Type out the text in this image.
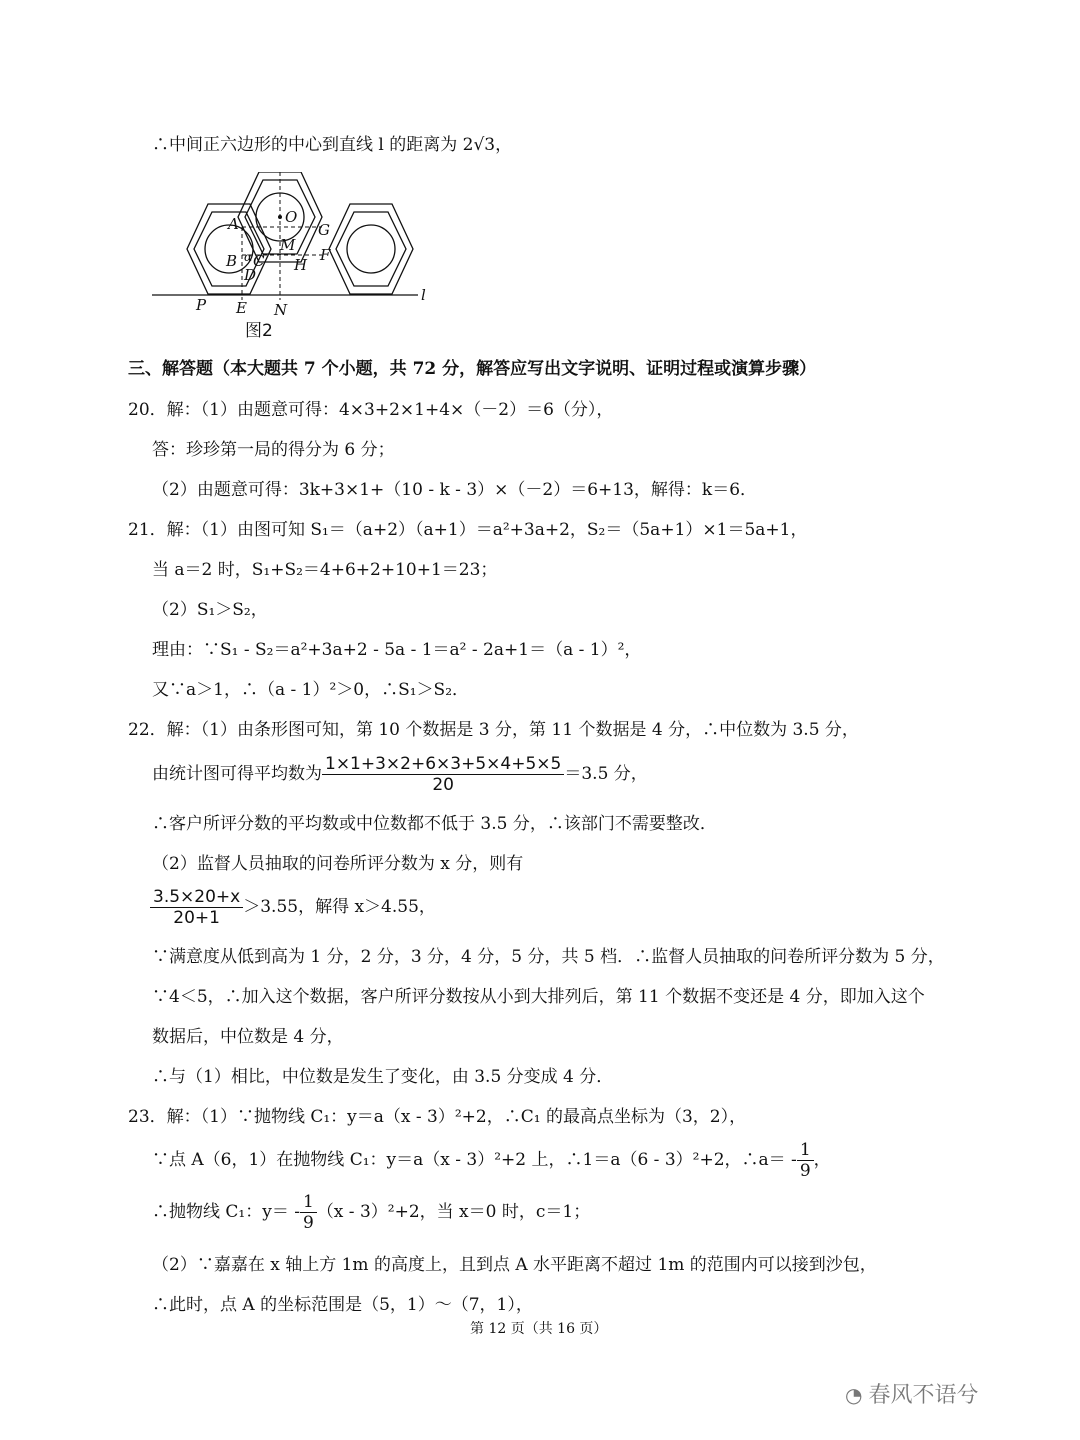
∴中间正六边形的中心到直线 l 的距离为 2√3，
O
A	G
M
B α C	F
H
D
P E N
l
图2
三、解答题（本大题共 7 个小题，共 72 分，解答应写出文字说明、证明过程或演算步骤）
20．解：（1）由题意可得：4×3+2×1+4×（－2）＝6（分），
答：珍珍第一局的得分为 6 分；
（2）由题意可得：3k+3×1+（10 - k - 3）×（－2）＝6+13，解得：k＝6．
21．解：（1）由图可知 S₁＝（a+2）（a+1）＝a²+3a+2，S₂＝（5a+1）×1＝5a+1，
当 a＝2 时，S₁+S₂＝4+6+2+10+1＝23；
（2）S₁＞S₂，
理由：∵S₁ - S₂＝a²+3a+2 - 5a - 1＝a² - 2a+1＝（a - 1）²，
又∵a＞1，∴（a - 1）²＞0，∴S₁＞S₂．
22．解：（1）由条形图可知，第 10 个数据是 3 分，第 11 个数据是 4 分，∴中位数为 3.5 分，
由统计图可得平均数为 $\frac{1\times 1+3\times 2+6\times 3+5\times 4+5\times 5}{20} =3.5$ 分，
∴客户所评分数的平均数或中位数都不低于 3.5 分，∴该部门不需要整改．
（2）监督人员抽取的问卷所评分数为 x 分，则有
$\frac{3.5\times 20+x}{20+1} >3.55$，解得 x＞4.55，
∵满意度从低到高为 1 分，2 分，3 分，4 分，5 分，共 5 档．∴监督人员抽取的问卷所评分数为 5 分，
∵4＜5，∴加入这个数据，客户所评分数按从小到大排列后，第 11 个数据不变还是 4 分，即加入这个
数据后，中位数是 4 分，
∴与（1）相比，中位数是发生了变化，由 3.5 分变成 4 分．
23．解：（1）∵抛物线 C₁：y＝a（x - 3）²+2，∴C₁ 的最高点坐标为（3，2），
∵点 A（6，1）在抛物线 C₁：y＝a（x - 3）²+2 上，∴1＝a（6 - 3）²+2，∴a＝ - $\frac{1}{9}$ ，
∴抛物线 C₁：$y= - \frac{1}{9} (x - 3)^2+2$，当 x＝0 时，c＝1；
（2）∵嘉嘉在 x 轴上方 1m 的高度上，且到点 A 水平距离不超过 1m 的范围内可以接到沙包，
∴此时，点 A 的坐标范围是（5，1）～（7，1），
第 12 页（共 16 页）
◔ 春风不语兮
